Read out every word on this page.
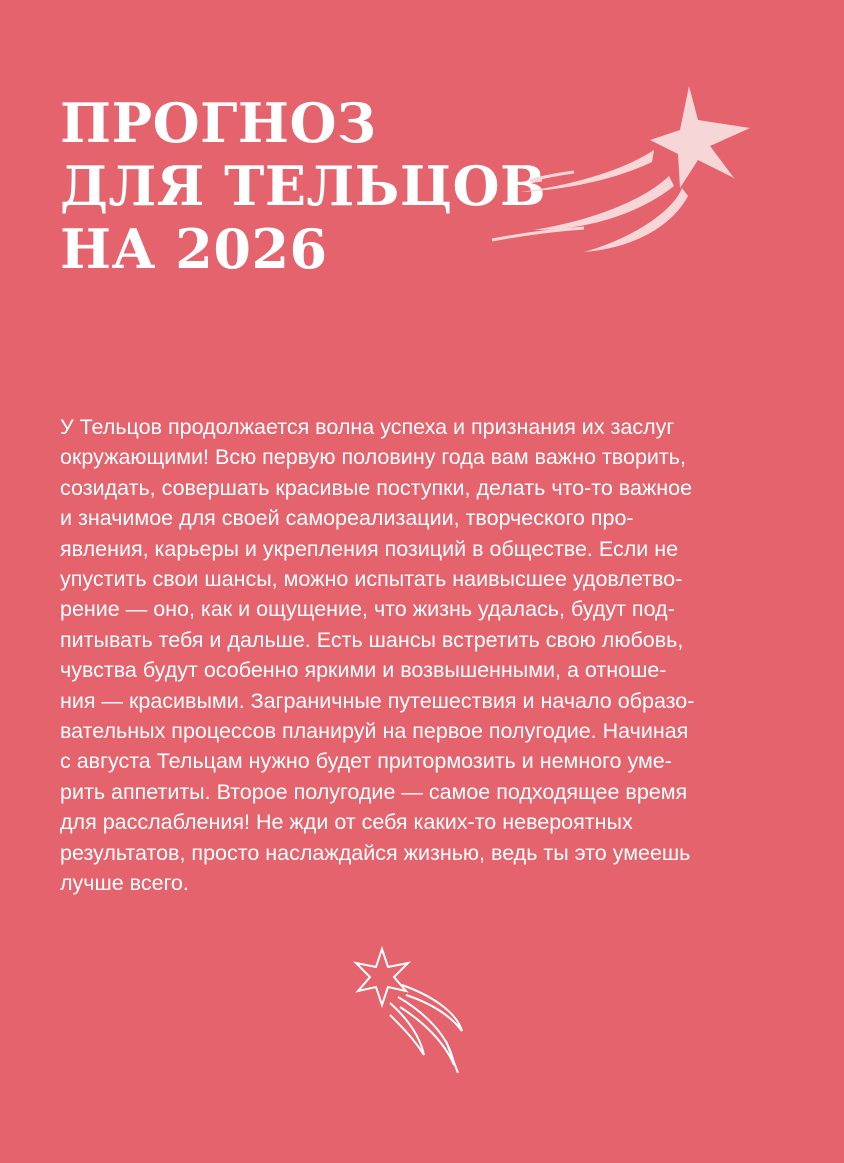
ПРОГНОЗ
ДЛЯ ТЕЛЬЦОВ
НА 2026
У Тельцов продолжается волна успеха и признания их заслуг
окружающими! Всю первую половину года вам важно творить,
созидать, совершать красивые поступки, делать что-то важное
и значимое для своей самореализации, творческого про-
явления, карьеры и укрепления позиций в обществе. Если не
упустить свои шансы, можно испытать наивысшее удовлетво-
рение — оно, как и ощущение, что жизнь удалась, будут под-
питывать тебя и дальше. Есть шансы встретить свою любовь,
чувства будут особенно яркими и возвышенными, а отноше-
ния — красивыми. Заграничные путешествия и начало образо-
вательных процессов планируй на первое полугодие. Начиная
с августа Тельцам нужно будет притормозить и немного уме-
рить аппетиты. Второе полугодие — самое подходящее время
для расслабления! Не жди от себя каких-то невероятных
результатов, просто наслаждайся жизнью, ведь ты это умеешь
лучше всего.
